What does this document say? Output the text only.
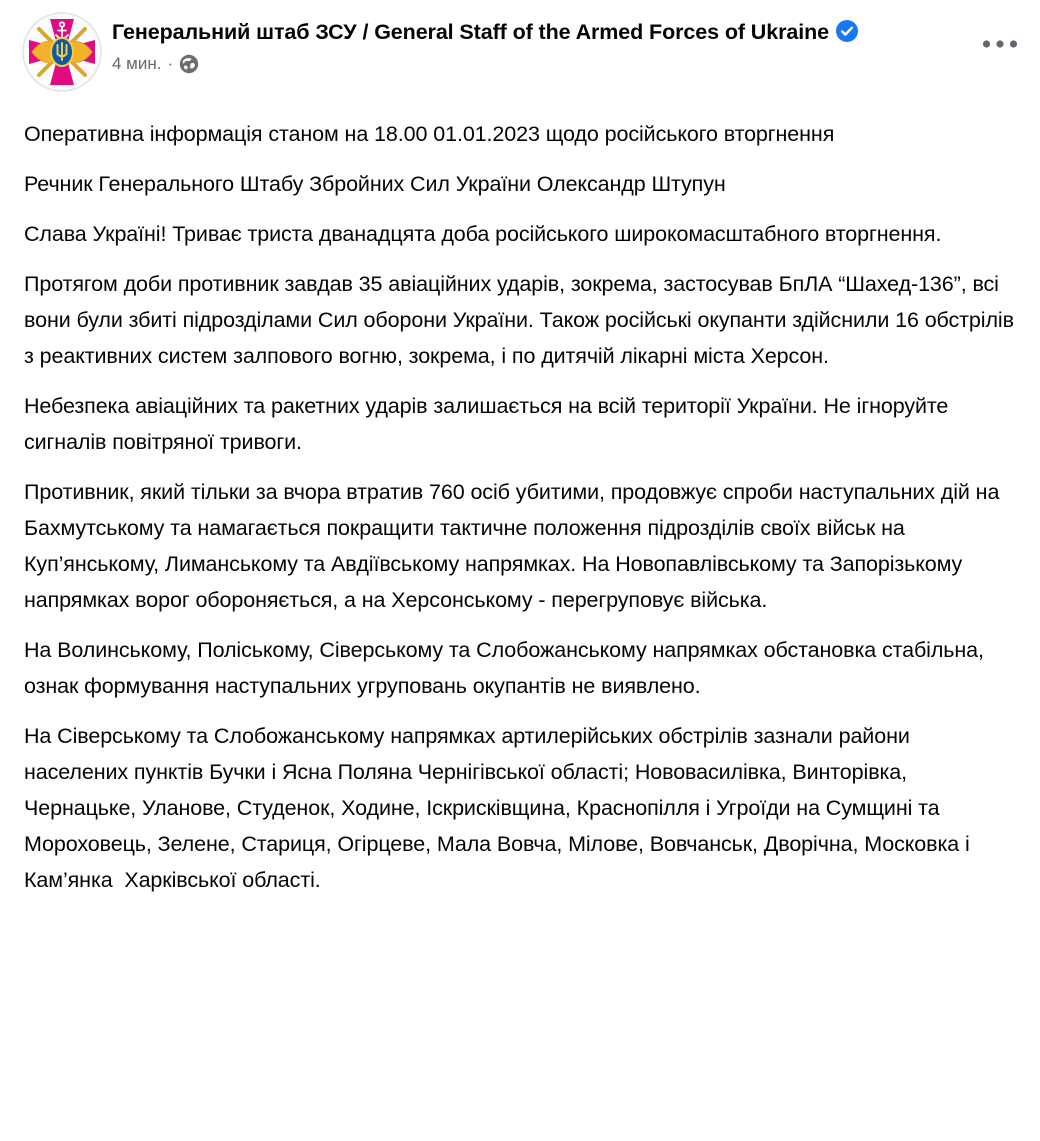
Генеральний штаб ЗСУ / General Staff of the Armed Forces of Ukraine
4 мин. ·

Оперативна інформація станом на 18.00 01.01.2023 щодо російського вторгнення

Речник Генерального Штабу Збройних Сил України Олександр Штупун

Слава Україні! Триває триста дванадцята доба російського широкомасштабного вторгнення.

Протягом доби противник завдав 35 авіаційних ударів, зокрема, застосував БпЛА “Шахед-136”, всі вони були збиті підрозділами Сил оборони України. Також російські окупанти здійснили 16 обстрілів з реактивних систем залпового вогню, зокрема, і по дитячій лікарні міста Херсон.

Небезпека авіаційних та ракетних ударів залишається на всій території України. Не ігноруйте сигналів повітряної тривоги.

Противник, який тільки за вчора втратив 760 осіб убитими, продовжує спроби наступальних дій на Бахмутському та намагається покращити тактичне положення підрозділів своїх військ на Куп’янському, Лиманському та Авдіївському напрямках. На Новопавлівському та Запорізькому напрямках ворог обороняється, а на Херсонському - перегруповує війська.

На Волинському, Поліському, Сіверському та Слобожанському напрямках обстановка стабільна, ознак формування наступальних угруповань окупантів не виявлено.

На Сіверському та Слобожанському напрямках артилерійських обстрілів зазнали райони населених пунктів Бучки і Ясна Поляна Чернігівської області; Нововасилівка, Винторівка, Чернацьке, Уланове, Студенок, Ходине, Іскрисківщина, Краснопілля і Угроїди на Сумщині та Мороховець, Зелене, Стариця, Огірцеве, Мала Вовча, Мілове, Вовчанськ, Дворічна, Московка і Кам’янка  Харківської області.
